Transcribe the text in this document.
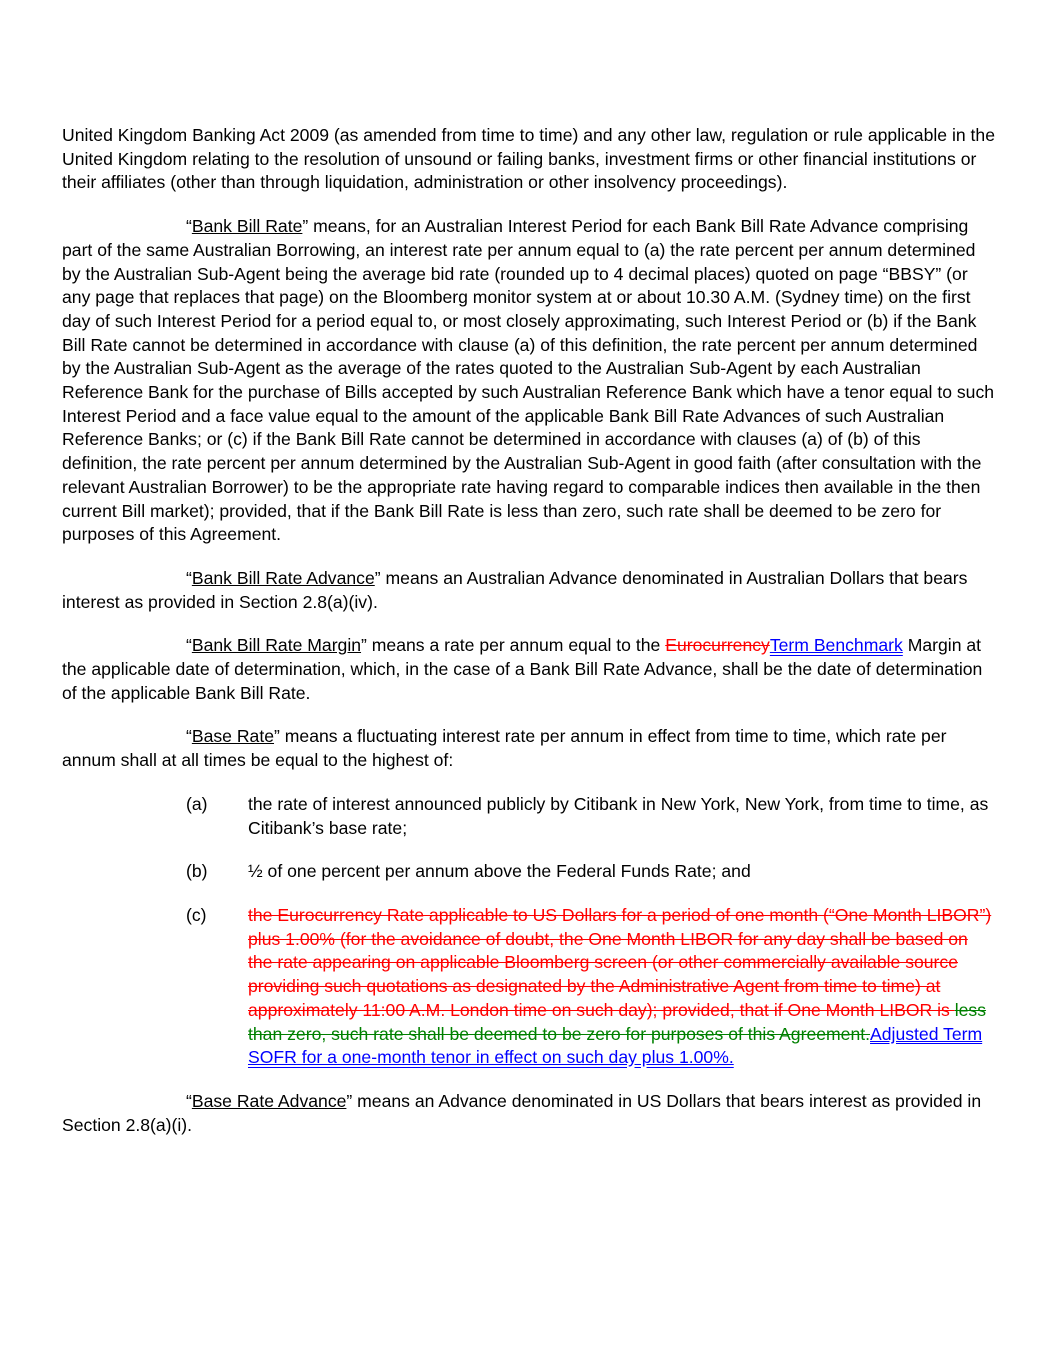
United Kingdom Banking Act 2009 (as amended from time to time) and any other law, regulation or rule applicable in the United Kingdom relating to the resolution of unsound or failing banks, investment firms or other financial institutions or their affiliates (other than through liquidation, administration or other insolvency proceedings).

“Bank Bill Rate” means, for an Australian Interest Period for each Bank Bill Rate Advance comprising part of the same Australian Borrowing, an interest rate per annum equal to (a) the rate percent per annum determined by the Australian Sub-Agent being the average bid rate (rounded up to 4 decimal places) quoted on page “BBSY” (or any page that replaces that page) on the Bloomberg monitor system at or about 10.30 A.M. (Sydney time) on the first day of such Interest Period for a period equal to, or most closely approximating, such Interest Period or (b) if the Bank Bill Rate cannot be determined in accordance with clause (a) of this definition, the rate percent per annum determined by the Australian Sub-Agent as the average of the rates quoted to the Australian Sub-Agent by each Australian Reference Bank for the purchase of Bills accepted by such Australian Reference Bank which have a tenor equal to such Interest Period and a face value equal to the amount of the applicable Bank Bill Rate Advances of such Australian Reference Banks; or (c) if the Bank Bill Rate cannot be determined in accordance with clauses (a) of (b) of this definition, the rate percent per annum determined by the Australian Sub-Agent in good faith (after consultation with the relevant Australian Borrower) to be the appropriate rate having regard to comparable indices then available in the then current Bill market); provided, that if the Bank Bill Rate is less than zero, such rate shall be deemed to be zero for purposes of this Agreement.

“Bank Bill Rate Advance” means an Australian Advance denominated in Australian Dollars that bears interest as provided in Section 2.8(a)(iv).

“Bank Bill Rate Margin” means a rate per annum equal to the EurocurrencyTerm Benchmark Margin at the applicable date of determination, which, in the case of a Bank Bill Rate Advance, shall be the date of determination of the applicable Bank Bill Rate.

“Base Rate” means a fluctuating interest rate per annum in effect from time to time, which rate per annum shall at all times be equal to the highest of:

(a) the rate of interest announced publicly by Citibank in New York, New York, from time to time, as Citibank’s base rate;
(b) ½ of one percent per annum above the Federal Funds Rate; and
(c) the Eurocurrency Rate applicable to US Dollars for a period of one month (“One Month LIBOR”) plus 1.00% (for the avoidance of doubt, the One Month LIBOR for any day shall be based on the rate appearing on applicable Bloomberg screen (or other commercially available source providing such quotations as designated by the Administrative Agent from time to time) at approximately 11:00 A.M. London time on such day); provided, that if One Month LIBOR is less than zero, such rate shall be deemed to be zero for purposes of this Agreement.Adjusted Term SOFR for a one-month tenor in effect on such day plus 1.00%.

“Base Rate Advance” means an Advance denominated in US Dollars that bears interest as provided in Section 2.8(a)(i).
